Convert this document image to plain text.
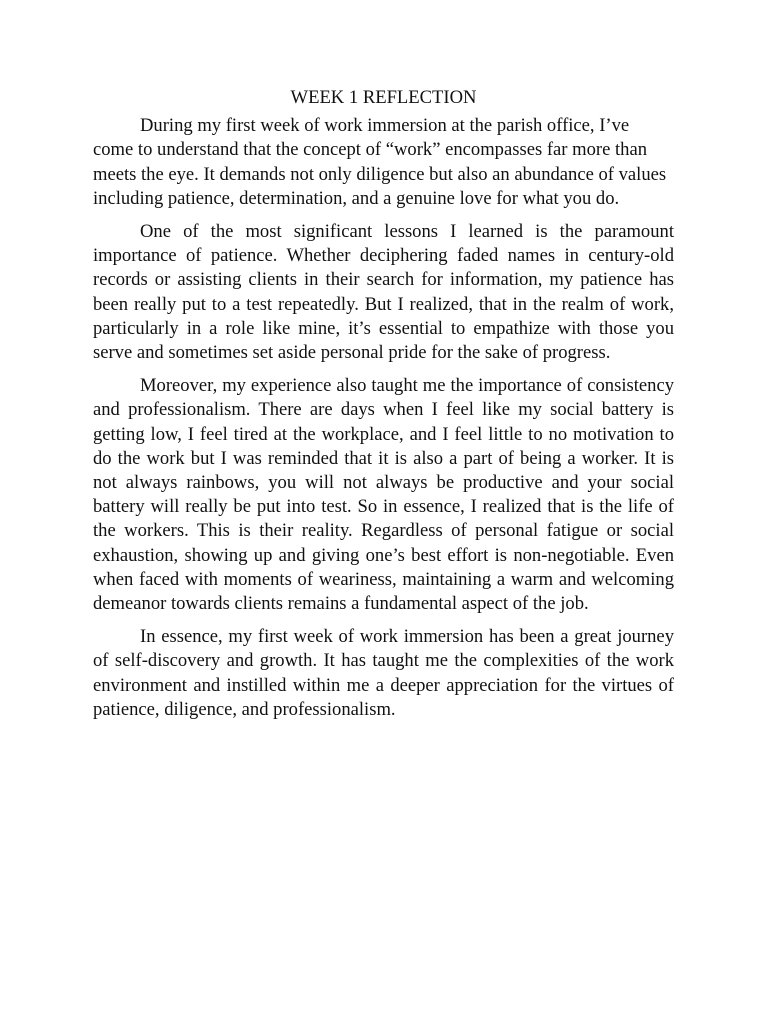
WEEK 1 REFLECTION

During my first week of work immersion at the parish office, I’ve come to understand that the concept of “work” encompasses far more than meets the eye. It demands not only diligence but also an abundance of values including patience, determination, and a genuine love for what you do.

One of the most significant lessons I learned is the paramount importance of patience. Whether deciphering faded names in century-old records or assisting clients in their search for information, my patience has been really put to a test repeatedly. But I realized, that in the realm of work, particularly in a role like mine, it’s essential to empathize with those you serve and sometimes set aside personal pride for the sake of progress.

Moreover, my experience also taught me the importance of consistency and professionalism. There are days when I feel like my social battery is getting low, I feel tired at the workplace, and I feel little to no motivation to do the work but I was reminded that it is also a part of being a worker. It is not always rainbows, you will not always be productive and your social battery will really be put into test. So in essence, I realized that is the life of the workers. This is their reality. Regardless of personal fatigue or social exhaustion, showing up and giving one’s best effort is non-negotiable. Even when faced with moments of weariness, maintaining a warm and welcoming demeanor towards clients remains a fundamental aspect of the job.

In essence, my first week of work immersion has been a great journey of self-discovery and growth. It has taught me the complexities of the work environment and instilled within me a deeper appreciation for the virtues of patience, diligence, and professionalism.
